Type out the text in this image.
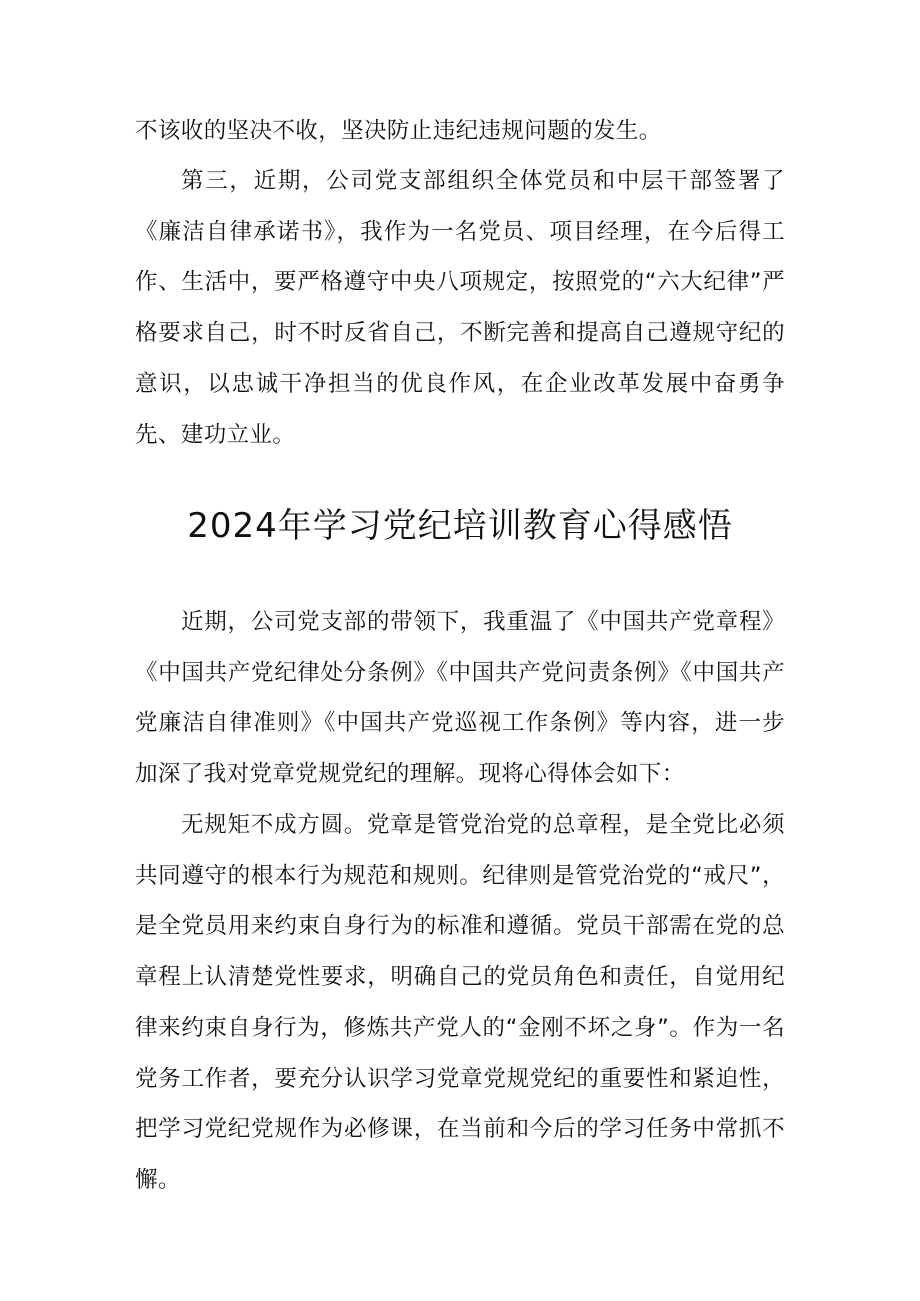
不该收的坚决不收，坚决防止违纪违规问题的发生。

第三，近期，公司党支部组织全体党员和中层干部签署了《廉洁自律承诺书》，我作为一名党员、项目经理，在今后得工作、生活中，要严格遵守中央八项规定，按照党的“六大纪律”严格要求自己，时不时反省自己，不断完善和提高自己遵规守纪的意识，以忠诚干净担当的优良作风，在企业改革发展中奋勇争先、建功立业。

2024年学习党纪培训教育心得感悟

近期，公司党支部的带领下，我重温了《中国共产党章程》《中国共产党纪律处分条例》《中国共产党问责条例》《中国共产党廉洁自律准则》《中国共产党巡视工作条例》等内容，进一步加深了我对党章党规党纪的理解。现将心得体会如下：

无规矩不成方圆。党章是管党治党的总章程，是全党比必须共同遵守的根本行为规范和规则。纪律则是管党治党的“戒尺”，是全党员用来约束自身行为的标准和遵循。党员干部需在党的总章程上认清楚党性要求，明确自己的党员角色和责任，自觉用纪律来约束自身行为，修炼共产党人的“金刚不坏之身”。作为一名党务工作者，要充分认识学习党章党规党纪的重要性和紧迫性，把学习党纪党规作为必修课，在当前和今后的学习任务中常抓不懈。
